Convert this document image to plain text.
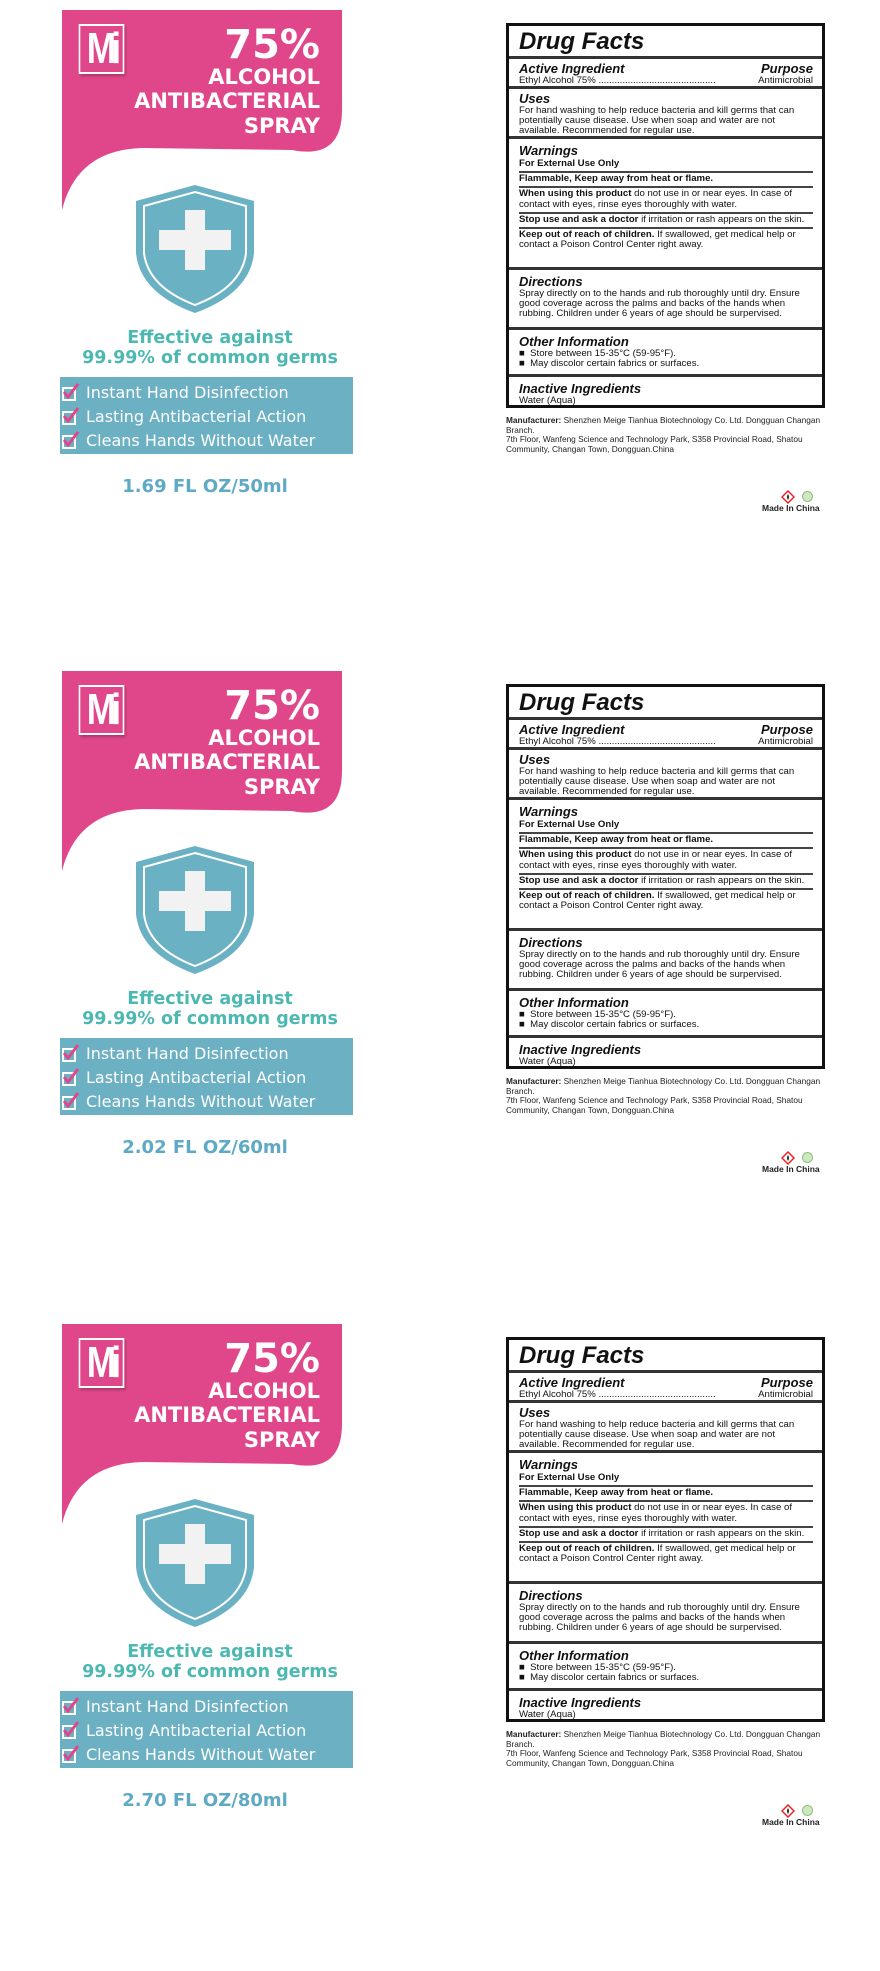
Mi	75%
ALCOHOL
ANTIBACTERIAL
SPRAY
Effective against
99.99% of common germs
Instant Hand Disinfection
Lasting Antibacterial Action
Cleans Hands Without Water
1.69 FL OZ/50ml
Drug Facts
Active Ingredient	Purpose
Ethyl Alcohol 75% ............................................	Antimicrobial
Uses
For hand washing to help reduce bacteria and kill germs that can potentially cause disease. Use when soap and water are not available. Recommended for regular use.
Warnings
For External Use Only
Flammable, Keep away from heat or flame.
When using this product do not use in or near eyes. In case of contact with eyes, rinse eyes thoroughly with water.
Stop use and ask a doctor if irritation or rash appears on the skin.
Keep out of reach of children. If swallowed, get medical help or contact a Poison Control Center right away.
Directions
Spray directly on to the hands and rub thoroughly until dry. Ensure good coverage across the palms and backs of the hands when rubbing. Children under 6 years of age should be surpervised.
Other Information
■  Store between 15-35°C (59-95°F).
■  May discolor certain fabrics or surfaces.
Inactive Ingredients
Water (Aqua)
Manufacturer: Shenzhen Meige Tianhua Biotechnology Co. Ltd. Dongguan Changan Branch.
7th Floor, Wanfeng Science and Technology Park, S358 Provincial Road, Shatou Community, Changan Town, Dongguan.China
Made In China
Mi	75%
ALCOHOL
ANTIBACTERIAL
SPRAY
Effective against
99.99% of common germs
Instant Hand Disinfection
Lasting Antibacterial Action
Cleans Hands Without Water
2.02 FL OZ/60ml
Drug Facts
Active Ingredient	Purpose
Ethyl Alcohol 75% ............................................	Antimicrobial
Uses
For hand washing to help reduce bacteria and kill germs that can potentially cause disease. Use when soap and water are not available. Recommended for regular use.
Warnings
For External Use Only
Flammable, Keep away from heat or flame.
When using this product do not use in or near eyes. In case of contact with eyes, rinse eyes thoroughly with water.
Stop use and ask a doctor if irritation or rash appears on the skin.
Keep out of reach of children. If swallowed, get medical help or contact a Poison Control Center right away.
Directions
Spray directly on to the hands and rub thoroughly until dry. Ensure good coverage across the palms and backs of the hands when rubbing. Children under 6 years of age should be surpervised.
Other Information
■  Store between 15-35°C (59-95°F).
■  May discolor certain fabrics or surfaces.
Inactive Ingredients
Water (Aqua)
Manufacturer: Shenzhen Meige Tianhua Biotechnology Co. Ltd. Dongguan Changan Branch.
7th Floor, Wanfeng Science and Technology Park, S358 Provincial Road, Shatou Community, Changan Town, Dongguan.China
Made In China
Mi	75%
ALCOHOL
ANTIBACTERIAL
SPRAY
Effective against
99.99% of common germs
Instant Hand Disinfection
Lasting Antibacterial Action
Cleans Hands Without Water
2.70 FL OZ/80ml
Drug Facts
Active Ingredient	Purpose
Ethyl Alcohol 75% ............................................	Antimicrobial
Uses
For hand washing to help reduce bacteria and kill germs that can potentially cause disease. Use when soap and water are not available. Recommended for regular use.
Warnings
For External Use Only
Flammable, Keep away from heat or flame.
When using this product do not use in or near eyes. In case of contact with eyes, rinse eyes thoroughly with water.
Stop use and ask a doctor if irritation or rash appears on the skin.
Keep out of reach of children. If swallowed, get medical help or contact a Poison Control Center right away.
Directions
Spray directly on to the hands and rub thoroughly until dry. Ensure good coverage across the palms and backs of the hands when rubbing. Children under 6 years of age should be surpervised.
Other Information
■  Store between 15-35°C (59-95°F).
■  May discolor certain fabrics or surfaces.
Inactive Ingredients
Water (Aqua)
Manufacturer: Shenzhen Meige Tianhua Biotechnology Co. Ltd. Dongguan Changan Branch.
7th Floor, Wanfeng Science and Technology Park, S358 Provincial Road, Shatou Community, Changan Town, Dongguan.China
Made In China
